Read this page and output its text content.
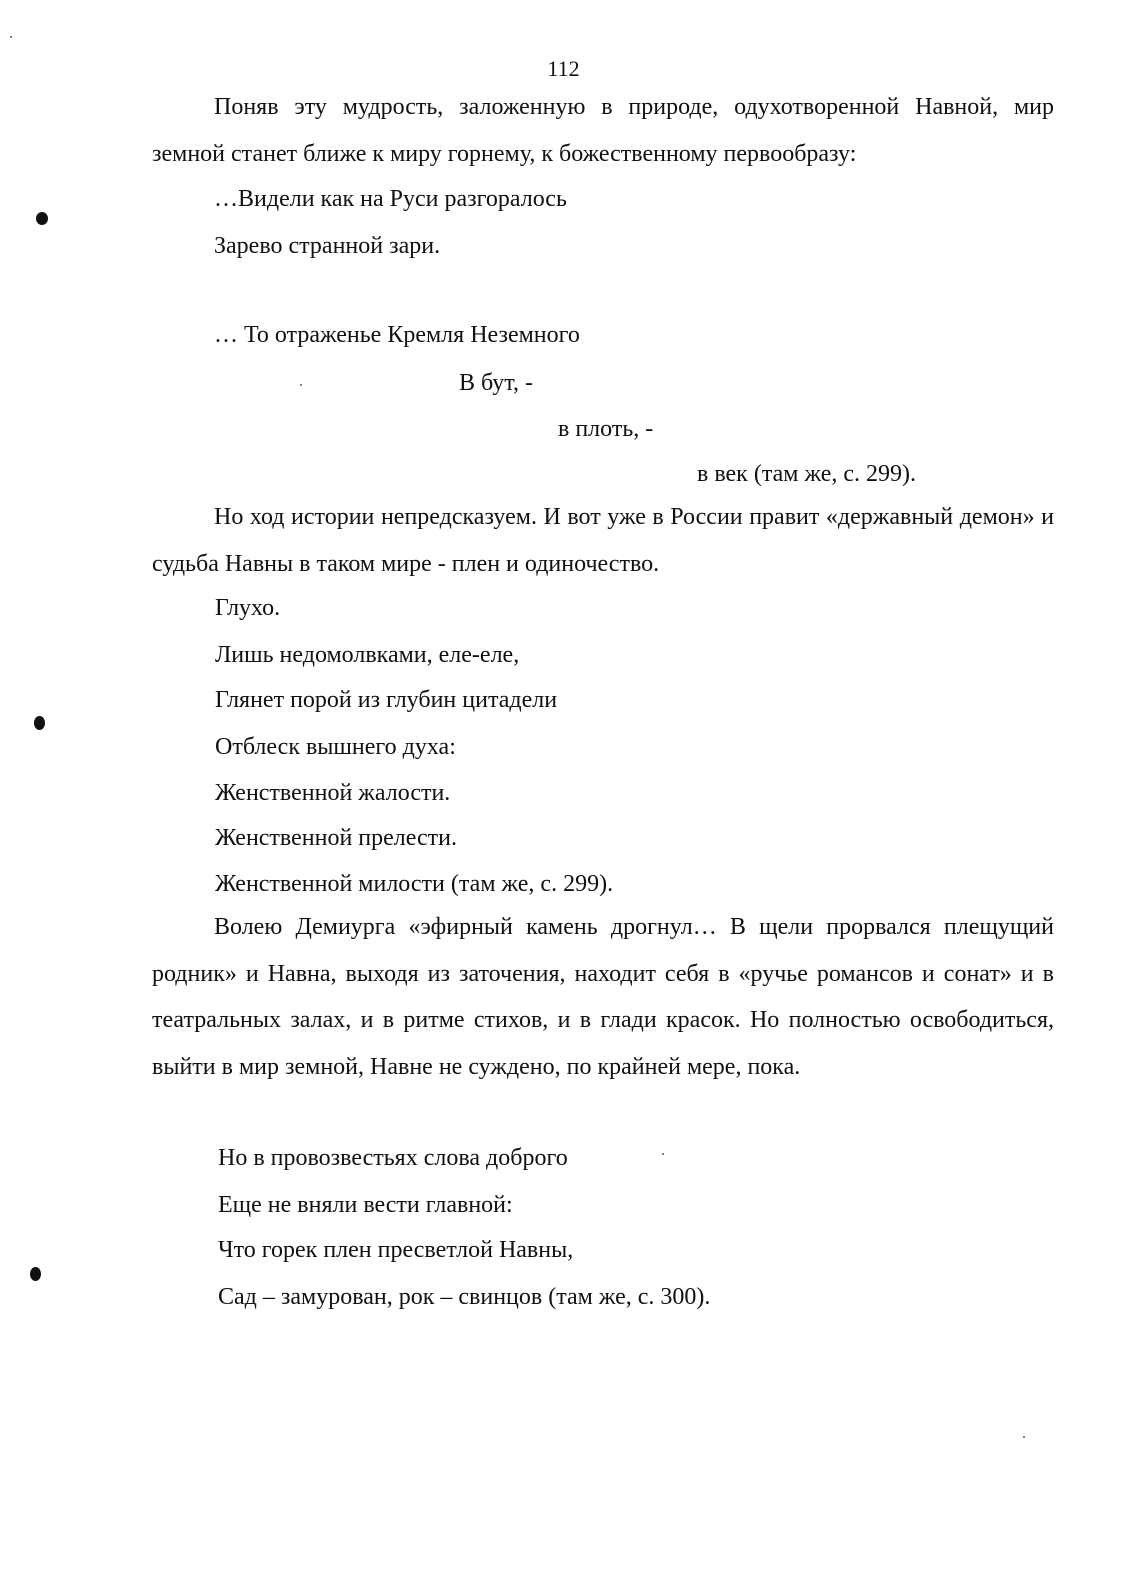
112
Поняв эту мудрость, заложенную в природе, одухотворенной Навной, мир земной станет ближе к миру горнему, к божественному первообразу:
…Видели как на Руси разгоралось
Зарево странной зари.
… То отраженье Кремля Неземного
В бут, -
в плоть, -
в век (там же, с. 299).
Но ход истории непредсказуем. И вот уже в России правит «державный демон» и судьба Навны в таком мире - плен и одиночество.
Глухо.
Лишь недомолвками, еле-еле,
Глянет порой из глубин цитадели
Отблеск вышнего духа:
Женственной жалости.
Женственной прелести.
Женственной милости (там же, с. 299).
Волею Демиурга «эфирный камень дрогнул… В щели прорвался плещущий родник» и Навна, выходя из заточения, находит себя в «ручье романсов и сонат» и в театральных залах, и в ритме стихов, и в глади красок. Но полностью освободиться, выйти в мир земной, Навне не суждено, по крайней мере, пока.
Но в провозвестьях слова доброго
Еще не вняли вести главной:
Что горек плен пресветлой Навны,
Сад – замурован, рок – свинцов (там же, с. 300).
